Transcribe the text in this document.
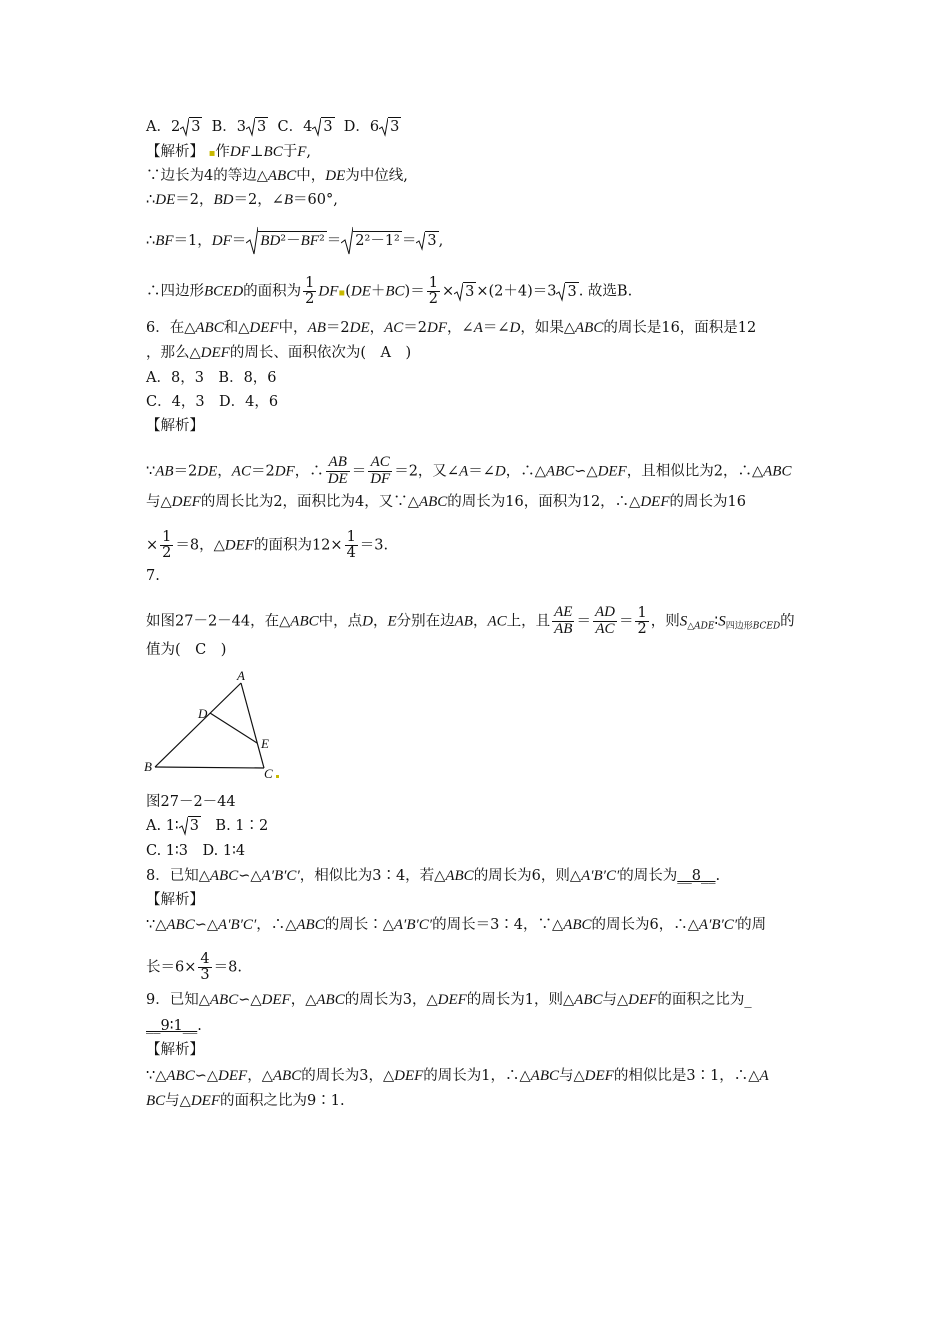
A．2 3  B．3 3  C．4 3  D．6 3
【解析】 ▪作DF⊥BC于F,
∵边长为4的等边△ABC中，DE为中位线,
∴DE＝2，BD＝2，∠B＝60°,
∴BF＝1，DF＝ BD²－BF² ＝ 2²－1² ＝ 3 ,
∴四边形BCED的面积为 $\frac{1}{2}$ DF▪(DE＋BC)＝ $\frac{1}{2} \times 3 \times(2+4)=3$ 3 . 故选B.
6．在△ABC和△DEF中，AB＝2DE，AC＝2DF，∠A＝∠D，如果△ABC的周长是16，面积是12
，那么△DEF的周长、面积依次为(　A　)
A．8，3　B．8，6
C．4，3　D．4，6
【解析】
∵AB＝2DE，AC＝2DF，∴ $\frac{AB}{DE} = \frac{AC}{DF} =2$，又∠A＝∠D，∴△ABC∽△DEF，且相似比为2，∴△ABC
与△DEF的周长比为2，面积比为4，又∵△ABC的周长为16，面积为12，∴△DEF的周长为16
× $\frac{1}{2} =8$，△DEF的面积为$12\times \frac{1}{4} =3$.
7.
如图27－2－44，在△ABC中，点D，E分别在边AB，AC上，且 $\frac{AE}{AB} = \frac{AD}{AC} = \frac{1}{2}$ ，则$S_{\triangle ADE}∶S_{四边形BCED}$的
值为(　C　)
A
D
E
B	C
图27－2－44
A. 1∶ 3　B. 1∶2
C. 1∶3　D. 1∶4
8．已知△ABC∽△A′B′C′，相似比为3∶4，若△ABC的周长为6，则△A′B′C′的周长为__8__.
【解析】
∵△ABC∽△A′B′C′，∴△ABC的周长∶△A′B′C′的周长＝3∶4，∵△ABC的周长为6，∴△A′B′C′的周
长$=6\times \frac{4}{3} =8$.
9．已知△ABC∽△DEF，△ABC的周长为3，△DEF的周长为1，则△ABC与△DEF的面积之比为_
__9∶1__.
【解析】
∵△ABC∽△DEF，△ABC的周长为3，△DEF的周长为1，∴△ABC与△DEF的相似比是3∶1，∴△A
BC与△DEF的面积之比为9∶1.
